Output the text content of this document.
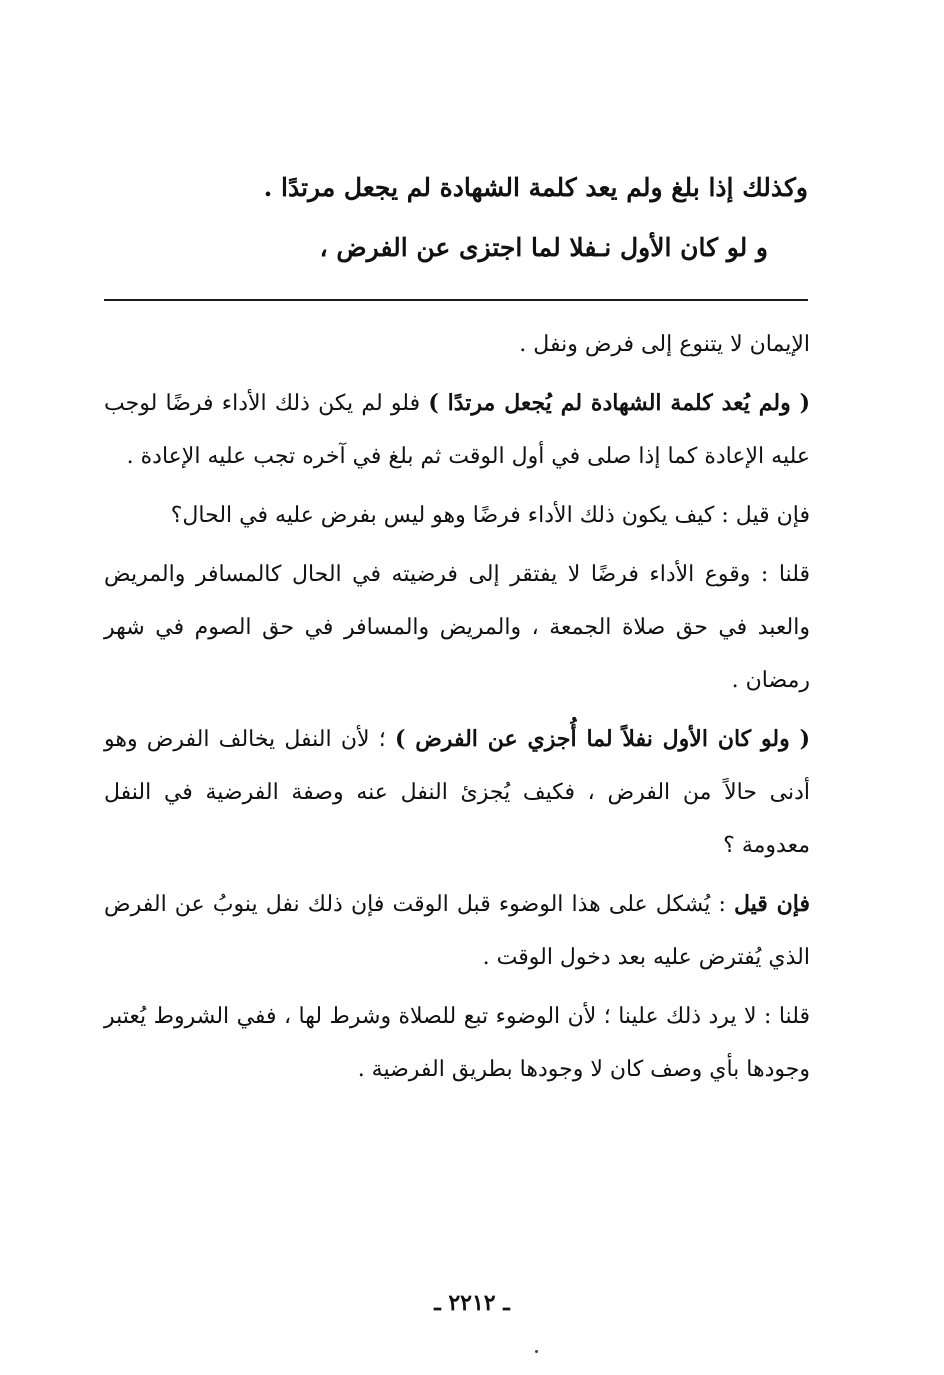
وكذلك إذا بلغ ولم يعد كلمة الشهادة لم يجعل مرتدًا .
و لو كان الأول نـفلا لما اجتزى عن الفرض ،

الإيمان لا يتنوع إلى فرض ونفل .

( ولم يُعد كلمة الشهادة لم يُجعل مرتدًا ) فلو لم يكن ذلك الأداء فرضًا لوجب عليه الإعادة كما إذا صلى في أول الوقت ثم بلغ في آخره تجب عليه الإعادة .

فإن قيل : كيف يكون ذلك الأداء فرضًا وهو ليس بفرض عليه في الحال؟

قلنا : وقوع الأداء فرضًا لا يفتقر إلى فرضيته في الحال كالمسافر والمريض والعبد في حق صلاة الجمعة ، والمريض والمسافر في حق الصوم في شهر رمضان .

( ولو كان الأول نفلاً لما أُجزي عن الفرض ) ؛ لأن النفل يخالف الفرض وهو أدنى حالاً من الفرض ، فكيف يُجزئ النفل عنه وصفة الفرضية في النفل معدومة ؟

فإن قيل : يُشكل على هذا الوضوء قبل الوقت فإن ذلك نفل ينوبُ عن الفرض الذي يُفترض عليه بعد دخول الوقت .

قلنا : لا يرد ذلك علينا ؛ لأن الوضوء تبع للصلاة وشرط لها ، ففي الشروط يُعتبر وجودها بأي وصف كان لا وجودها بطريق الفرضية .

ـ ٢٢١٢ ـ
